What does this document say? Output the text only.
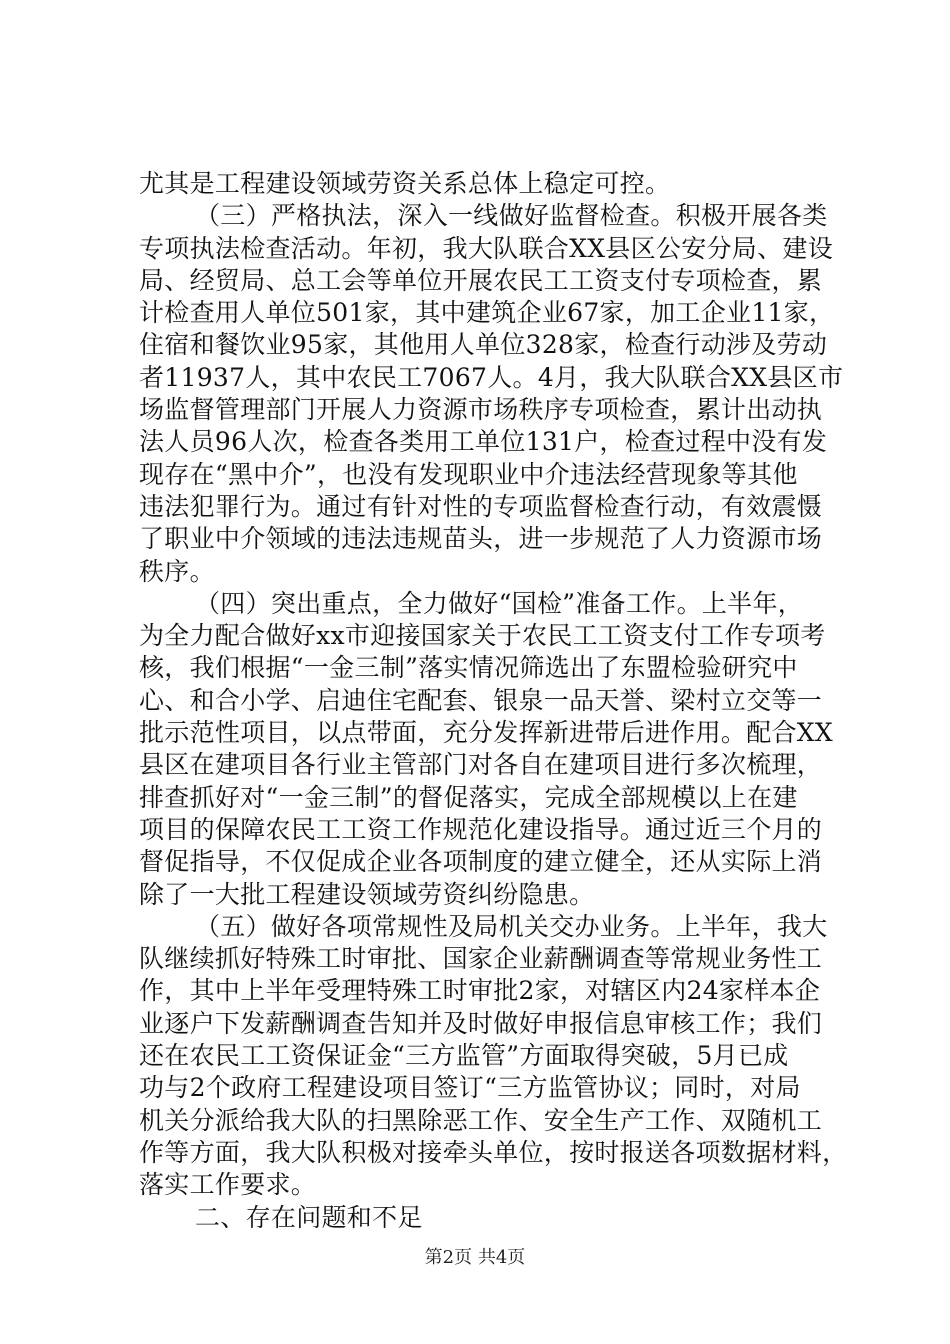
尤其是工程建设领域劳资关系总体上稳定可控。
（三）严格执法，深入一线做好监督检查。积极开展各类
专项执法检查活动。年初，我大队联合XX县区公安分局、建设
局、经贸局、总工会等单位开展农民工工资支付专项检查，累
计检查用人单位501家，其中建筑企业67家，加工企业11家，
住宿和餐饮业95家，其他用人单位328家，检查行动涉及劳动
者11937人，其中农民工7067人。4月，我大队联合XX县区市
场监督管理部门开展人力资源市场秩序专项检查，累计出动执
法人员96人次，检查各类用工单位131户，检查过程中没有发
现存在“黑中介”，也没有发现职业中介违法经营现象等其他
违法犯罪行为。通过有针对性的专项监督检查行动，有效震慑
了职业中介领域的违法违规苗头，进一步规范了人力资源市场
秩序。
（四）突出重点，全力做好“国检”准备工作。上半年，
为全力配合做好xx市迎接国家关于农民工工资支付工作专项考
核，我们根据“一金三制”落实情况筛选出了东盟检验研究中
心、和合小学、启迪住宅配套、银泉一品天誉、梁村立交等一
批示范性项目，以点带面，充分发挥新进带后进作用。配合XX
县区在建项目各行业主管部门对各自在建项目进行多次梳理，
排查抓好对“一金三制”的督促落实，完成全部规模以上在建
项目的保障农民工工资工作规范化建设指导。通过近三个月的
督促指导，不仅促成企业各项制度的建立健全，还从实际上消
除了一大批工程建设领域劳资纠纷隐患。
（五）做好各项常规性及局机关交办业务。上半年，我大
队继续抓好特殊工时审批、国家企业薪酬调查等常规业务性工
作，其中上半年受理特殊工时审批2家，对辖区内24家样本企
业逐户下发薪酬调查告知并及时做好申报信息审核工作；我们
还在农民工工资保证金“三方监管”方面取得突破，5月已成
功与2个政府工程建设项目签订“三方监管协议；同时，对局
机关分派给我大队的扫黑除恶工作、安全生产工作、双随机工
作等方面，我大队积极对接牵头单位，按时报送各项数据材料，
落实工作要求。
二、存在问题和不足
第2页 共4页
